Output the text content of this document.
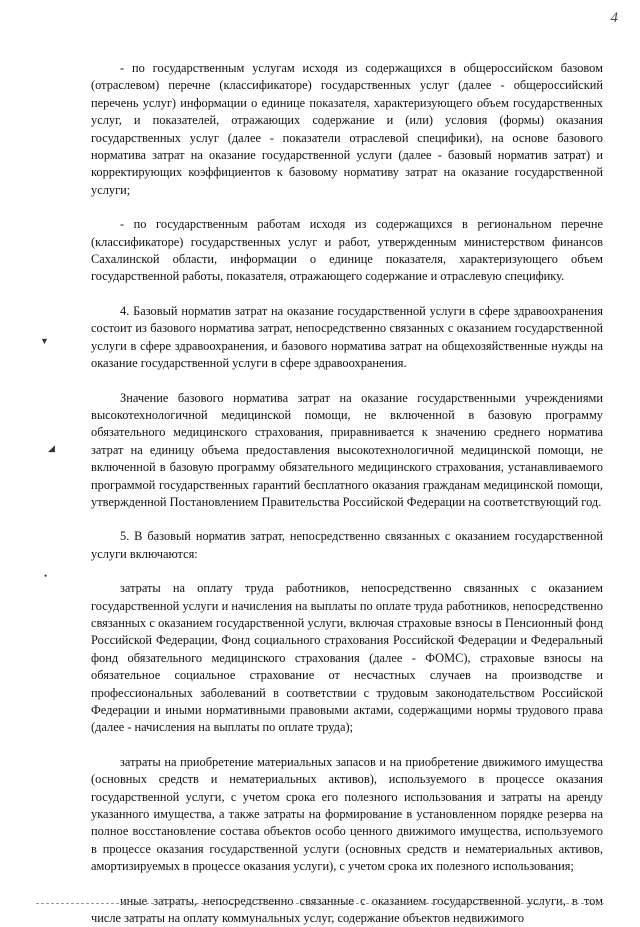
4
▼
◢
•

- по государственным услугам исходя из содержащихся в общероссийском базовом (отраслевом) перечне (классификаторе) государственных услуг (далее - общероссийский перечень услуг) информации о единице показателя, характеризующего объем государственных услуг, и показателей, отражающих содержание и (или) условия (формы) оказания государственных услуг (далее - показатели отраслевой специфики), на основе базового норматива затрат на оказание государственной услуги (далее - базовый норматив затрат) и корректирующих коэффициентов к базовому нормативу затрат на оказание государственной услуги;

- по государственным работам исходя из содержащихся в региональном перечне (классификаторе) государственных услуг и работ, утвержденным министерством финансов Сахалинской области, информации о единице показателя, характеризующего объем государственной работы, показателя, отражающего содержание и отраслевую специфику.

4. Базовый норматив затрат на оказание государственной услуги в сфере здравоохранения состоит из базового норматива затрат, непосредственно связанных с оказанием государственной услуги в сфере здравоохранения, и базового норматива затрат на общехозяйственные нужды на оказание государственной услуги в сфере здравоохранения.

Значение базового норматива затрат на оказание государственными учреждениями высокотехнологичной медицинской помощи, не включенной в базовую программу обязательного медицинского страхования, приравнивается к значению среднего норматива затрат на единицу объема предоставления высокотехнологичной медицинской помощи, не включенной в базовую программу обязательного медицинского страхования, устанавливаемого программой государственных гарантий бесплатного оказания гражданам медицинской помощи, утвержденной Постановлением Правительства Российской Федерации на соответствующий год.

5. В базовый норматив затрат, непосредственно связанных с оказанием государственной услуги включаются:

затраты на оплату труда работников, непосредственно связанных с оказанием государственной услуги и начисления на выплаты по оплате труда работников, непосредственно связанных с оказанием государственной услуги, включая страховые взносы в Пенсионный фонд Российской Федерации, Фонд социального страхования Российской Федерации и Федеральный фонд обязательного медицинского страхования (далее - ФОМС), страховые взносы на обязательное социальное страхование от несчастных случаев на производстве и профессиональных заболеваний в соответствии с трудовым законодательством Российской Федерации и иными нормативными правовыми актами, содержащими нормы трудового права (далее - начисления на выплаты по оплате труда);

затраты на приобретение материальных запасов и на приобретение движимого имущества (основных средств и нематериальных активов), используемого в процессе оказания государственной услуги, с учетом срока его полезного использования и затраты на аренду указанного имущества, а также затраты на формирование в установленном порядке резерва на полное восстановление состава объектов особо ценного движимого имущества, используемого в процессе оказания государственной услуги (основных средств и нематериальных активов, амортизируемых в процессе оказания услуги), с учетом срока их полезного использования;

иные затраты, непосредственно связанные с оказанием государственной услуги, в том числе затраты на оплату коммунальных услуг, содержание объектов недвижимого
